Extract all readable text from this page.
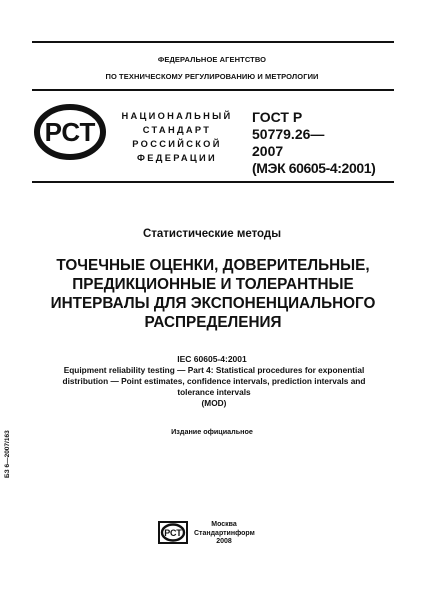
ФЕДЕРАЛЬНОЕ АГЕНТСТВО
ПО ТЕХНИЧЕСКОМУ РЕГУЛИРОВАНИЮ И МЕТРОЛОГИИ
РСТ
НАЦИОНАЛЬНЫЙ
СТАНДАРТ
РОССИЙСКОЙ
ФЕДЕРАЦИИ
ГОСТ Р
50779.26—
2007
(МЭК 60605-4:2001)
Статистические методы
ТОЧЕЧНЫЕ ОЦЕНКИ, ДОВЕРИТЕЛЬНЫЕ,
ПРЕДИКЦИОННЫЕ И ТОЛЕРАНТНЫЕ
ИНТЕРВАЛЫ ДЛЯ ЭКСПОНЕНЦИАЛЬНОГО
РАСПРЕДЕЛЕНИЯ
IEC 60605-4:2001
Equipment reliability testing — Part 4: Statistical procedures for exponential
distribution — Point estimates, confidence intervals, prediction intervals and
tolerance intervals
(MOD)
Издание официальное
БЗ 6—2007/163
РСТ
Москва
Стандартинформ
2008
